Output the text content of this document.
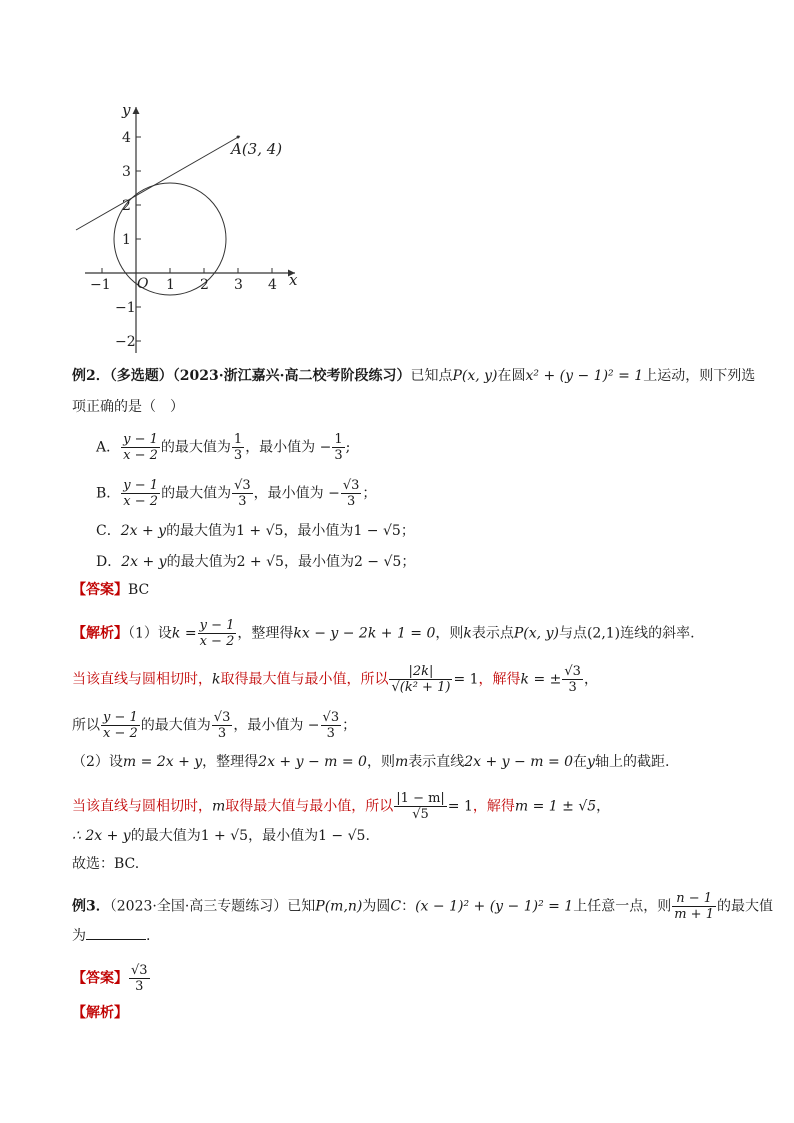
A(3, 4)
x
y
O
−1	1 2 3 4
4
3
2
1
−1
−2
例2．（多选题）（2023·浙江嘉兴·高二校考阶段练习）已知点P(x, y)在圆x² + (y − 1)² = 1上运动，则下列选
项正确的是（　）
A． $\frac{y - 1}{x - 2}$ 的最大值为 $\frac{1}{3}$ ，最小值为 − $\frac{1}{3}$ ;
B． $\frac{y - 1}{x - 2}$ 的最大值为 $\frac{√3}{3}$ ，最小值为 − $\frac{√3}{3}$ ；
C．2x + y的最大值为1 + √5，最小值为1 − √5；
D．2x + y的最大值为2 + √5，最小值为2 − √5；
【答案】BC
【解析】（1）设$k = \frac{y - 1}{x - 2}$ ，整理得kx − y − 2k + 1 = 0，则k表示点P(x, y)与点(2,1)连线的斜率.
当该直线与圆相切时，k取得最大值与最小值，所以 $\frac{|2k|}{\text{√(k² + 1)}} = 1$，解得k = ± $\frac{√3}{3}$ ，
所以 $\frac{y - 1}{x - 2}$ 的最大值为 $\frac{√3}{3}$ ，最小值为 − $\frac{√3}{3}$ ；
（2）设m = 2x + y，整理得2x + y − m = 0，则m表示直线2x + y − m = 0在y轴上的截距.
当该直线与圆相切时，m取得最大值与最小值，所以 $\frac{|1 - m|}{√5} = 1$，解得m = 1 ± √5，
∴ 2x + y的最大值为1 + √5，最小值为1 − √5.
故选：BC.
例3．（2023·全国·高三专题练习）已知P(m,n)为圆C：(x − 1)² + (y − 1)² = 1上任意一点，则 $\frac{n - 1}{m + 1}$ 的最大值
为	.
【答案】 $\frac{√3}{3}$
【解析】
